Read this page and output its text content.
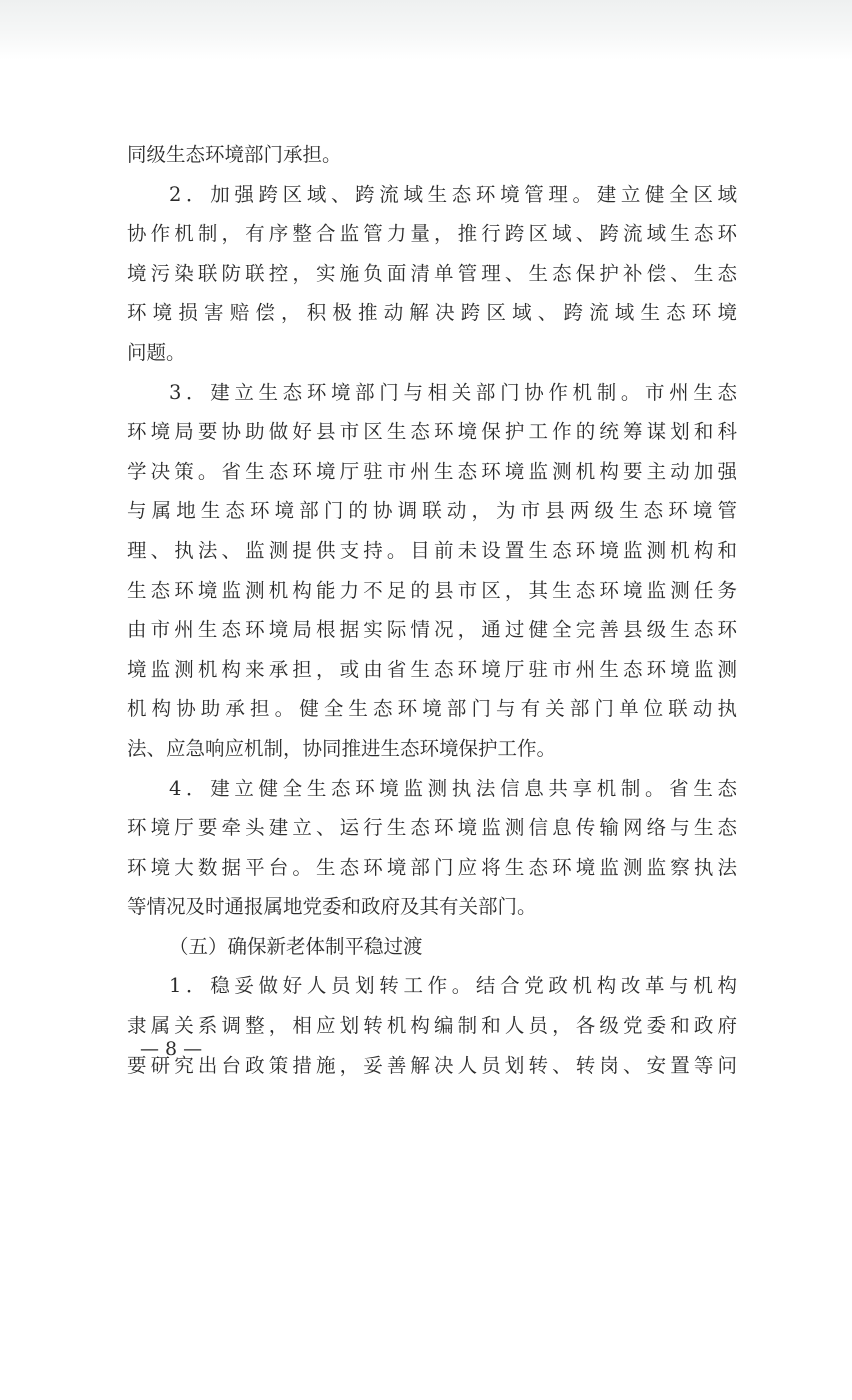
同级生态环境部门承担。
2．加强跨区域、跨流域生态环境管理。建立健全区域
协作机制，有序整合监管力量，推行跨区域、跨流域生态环
境污染联防联控，实施负面清单管理、生态保护补偿、生态
环境损害赔偿，积极推动解决跨区域、跨流域生态环境
问题。
3．建立生态环境部门与相关部门协作机制。市州生态
环境局要协助做好县市区生态环境保护工作的统筹谋划和科
学决策。省生态环境厅驻市州生态环境监测机构要主动加强
与属地生态环境部门的协调联动，为市县两级生态环境管
理、执法、监测提供支持。目前未设置生态环境监测机构和
生态环境监测机构能力不足的县市区，其生态环境监测任务
由市州生态环境局根据实际情况，通过健全完善县级生态环
境监测机构来承担，或由省生态环境厅驻市州生态环境监测
机构协助承担。健全生态环境部门与有关部门单位联动执
法、应急响应机制，协同推进生态环境保护工作。
4．建立健全生态环境监测执法信息共享机制。省生态
环境厅要牵头建立、运行生态环境监测信息传输网络与生态
环境大数据平台。生态环境部门应将生态环境监测监察执法
等情况及时通报属地党委和政府及其有关部门。
（五）确保新老体制平稳过渡
1．稳妥做好人员划转工作。结合党政机构改革与机构
隶属关系调整，相应划转机构编制和人员，各级党委和政府
要研究出台政策措施，妥善解决人员划转、转岗、安置等问
— 8 —
